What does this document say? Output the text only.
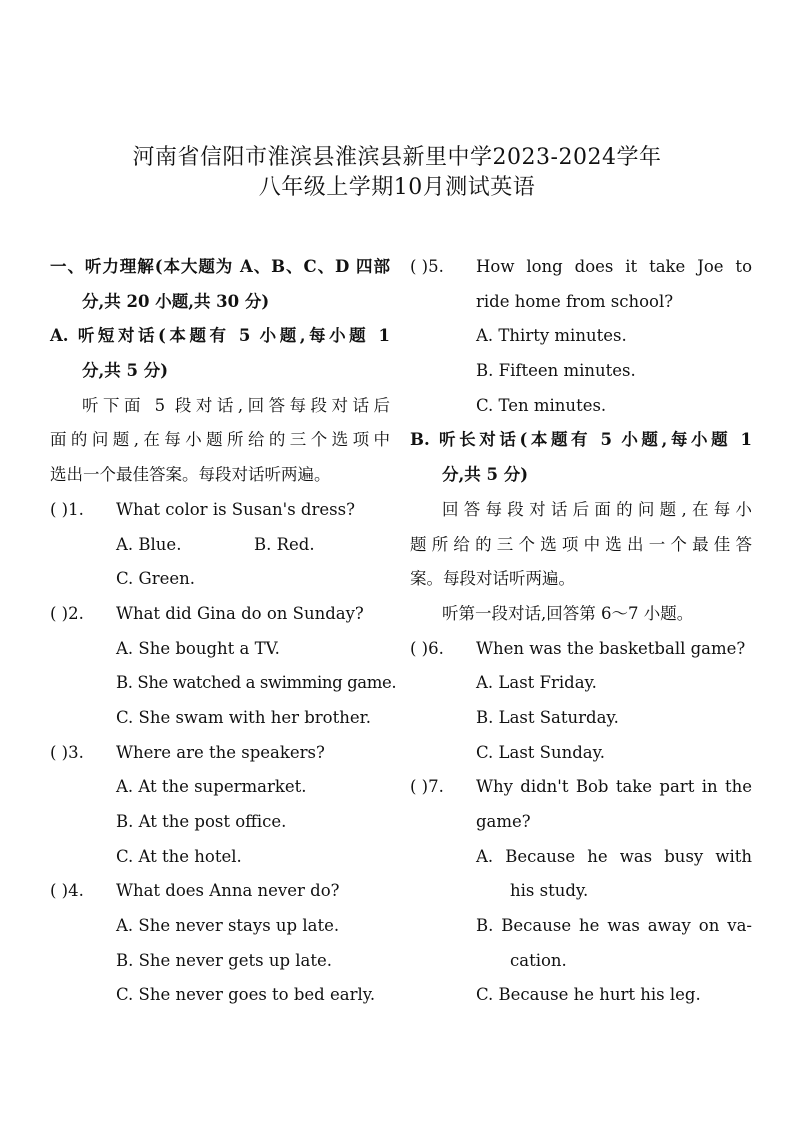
河南省信阳市淮滨县淮滨县新里中学2023-2024学年
八年级上学期10月测试英语
一、听力理解(本大题为 A、B、C、D 四部
分,共 20 小题,共 30 分)
A. 听短对话(本题有 5 小题,每小题 1
分,共 5 分)
听下面 5 段对话,回答每段对话后
面的问题,在每小题所给的三个选项中
选出一个最佳答案。每段对话听两遍。
( )1.	What color is Susan's dress?
A. Blue.	B. Red.
C. Green.
( )2.	What did Gina do on Sunday?
A. She bought a TV.
B. She watched a swimming game.
C. She swam with her brother.
( )3.	Where are the speakers?
A. At the supermarket.
B. At the post office.
C. At the hotel.
( )4.	What does Anna never do?
A. She never stays up late.
B. She never gets up late.
C. She never goes to bed early.
( )5.	How long does it take Joe to
ride home from school?
A. Thirty minutes.
B. Fifteen minutes.
C. Ten minutes.
B. 听长对话(本题有 5 小题,每小题 1
分,共 5 分)
回答每段对话后面的问题,在每小
题所给的三个选项中选出一个最佳答
案。每段对话听两遍。
听第一段对话,回答第 6～7 小题。
( )6.	When was the basketball game?
A. Last Friday.
B. Last Saturday.
C. Last Sunday.
( )7.	Why didn't Bob take part in the
game?
A. Because he was busy with
his study.
B. Because he was away on va-
cation.
C. Because he hurt his leg.
